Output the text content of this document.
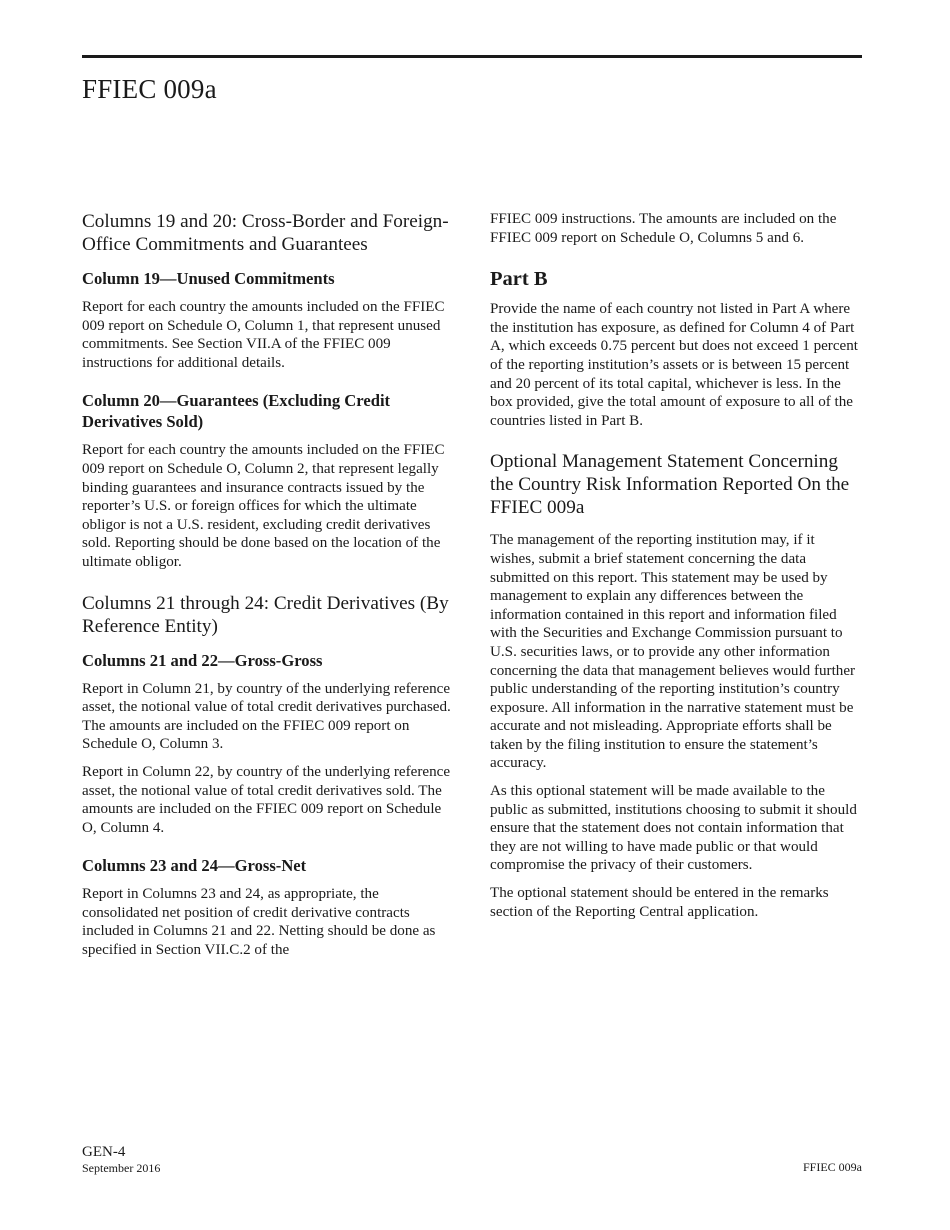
FFIEC 009a
Columns 19 and 20: Cross-Border and Foreign-Office Commitments and Guarantees
Column 19—Unused Commitments

Report for each country the amounts included on the FFIEC 009 report on Schedule O, Column 1, that represent unused commitments. See Section VII.A of the FFIEC 009 instructions for additional details.

Column 20—Guarantees (Excluding Credit Derivatives Sold)

Report for each country the amounts included on the FFIEC 009 report on Schedule O, Column 2, that represent legally binding guarantees and insurance contracts issued by the reporter’s U.S. or foreign offices for which the ultimate obligor is not a U.S. resident, excluding credit derivatives sold. Reporting should be done based on the location of the ultimate obligor.

Columns 21 through 24: Credit Derivatives (By Reference Entity)
Columns 21 and 22—Gross-Gross

Report in Column 21, by country of the underlying reference asset, the notional value of total credit derivatives purchased. The amounts are included on the FFIEC 009 report on Schedule O, Column 3.

Report in Column 22, by country of the underlying reference asset, the notional value of total credit derivatives sold. The amounts are included on the FFIEC 009 report on Schedule O, Column 4.

Columns 23 and 24—Gross-Net

Report in Columns 23 and 24, as appropriate, the consolidated net position of credit derivative contracts included in Columns 21 and 22. Netting should be done as specified in Section VII.C.2 of the

FFIEC 009 instructions. The amounts are included on the FFIEC 009 report on Schedule O, Columns 5 and 6.

Part B

Provide the name of each country not listed in Part A where the institution has exposure, as defined for Column 4 of Part A, which exceeds 0.75 percent but does not exceed 1 percent of the reporting institution’s assets or is between 15 percent and 20 percent of its total capital, whichever is less. In the box provided, give the total amount of exposure to all of the countries listed in Part B.

Optional Management Statement Concerning the Country Risk Information Reported On the FFIEC 009a

The management of the reporting institution may, if it wishes, submit a brief statement concerning the data submitted on this report. This statement may be used by management to explain any differences between the information contained in this report and information filed with the Securities and Exchange Commission pursuant to U.S. securities laws, or to provide any other information concerning the data that management believes would further public understanding of the reporting institution’s country exposure. All information in the narrative statement must be accurate and not misleading. Appropriate efforts shall be taken by the filing institution to ensure the statement’s accuracy.

As this optional statement will be made available to the public as submitted, institutions choosing to submit it should ensure that the statement does not contain information that they are not willing to have made public or that would compromise the privacy of their customers.

The optional statement should be entered in the remarks section of the Reporting Central application.

GEN-4
September 2016	FFIEC 009a
